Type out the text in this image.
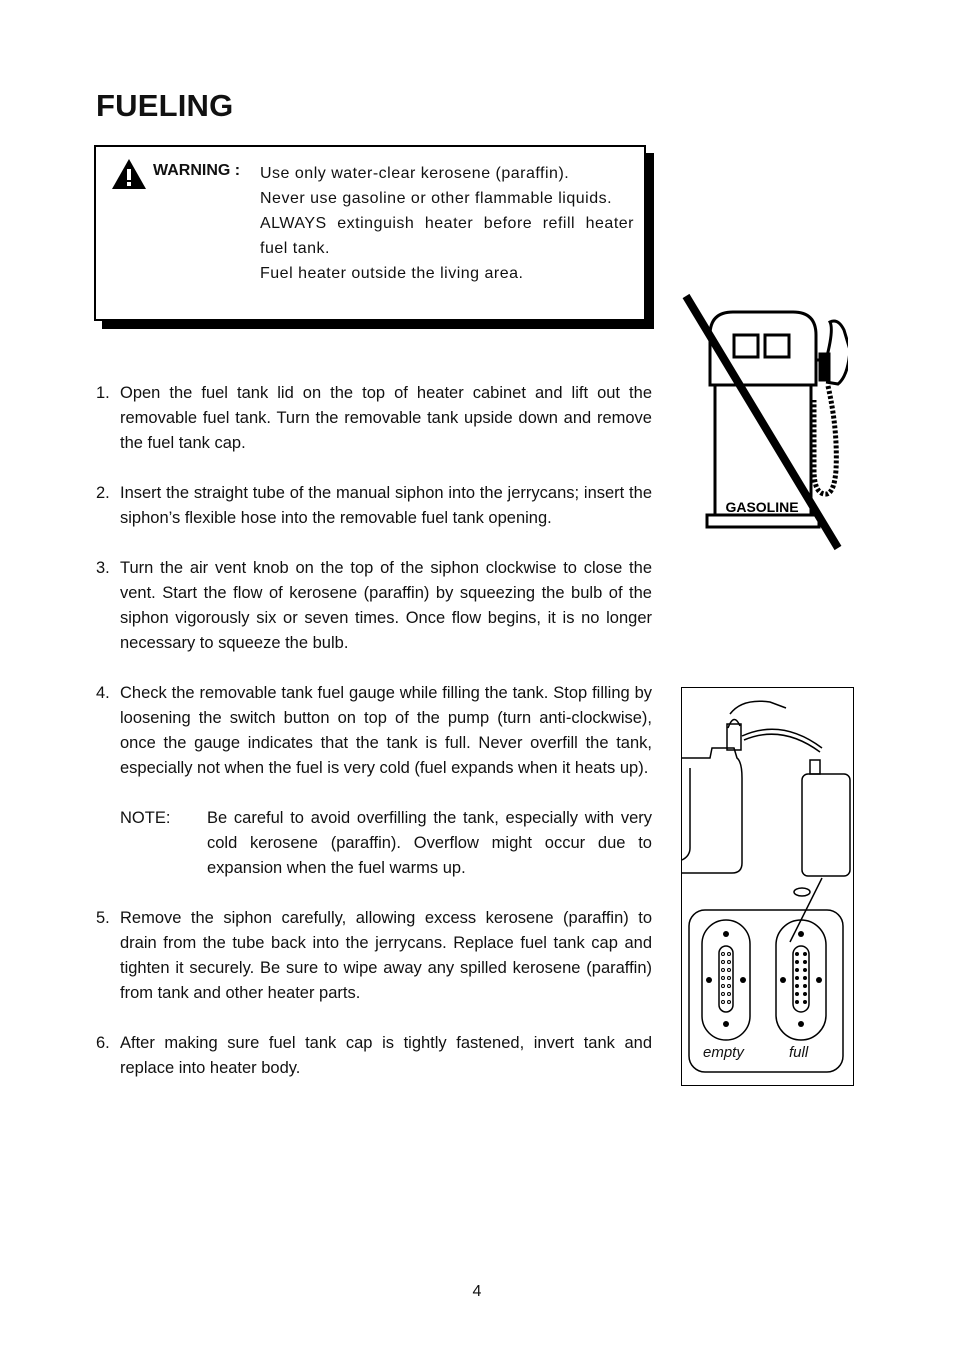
FUELING
WARNING : Use only water-clear kerosene (paraffin).
Never use gasoline or other flammable liquids.
ALWAYS extinguish heater before refill heater fuel tank.
Fuel heater outside the living area.
1. Open the fuel tank lid on the top of heater cabinet and lift out the removable fuel tank. Turn the removable tank upside down and remove the fuel tank cap.
2. Insert the straight tube of the manual siphon into the jerrycans; insert the siphon’s flexible hose into the removable fuel tank opening.
3. Turn the air vent knob on the top of the siphon clockwise to close the vent. Start the flow of kerosene (paraffin) by squeezing the bulb of the siphon vigorously six or seven times. Once flow begins, it is no longer necessary to squeeze the bulb.
4. Check the removable tank fuel gauge while filling the tank. Stop filling by loosening the switch button on top of the pump (turn anti-clockwise), once the gauge indicates that the tank is full. Never overfill the tank, especially not when the fuel is very cold (fuel expands when it heats up).
NOTE: Be careful to avoid overfilling the tank, especially with very cold kerosene (paraffin). Overflow might occur due to expansion when the fuel warms up.
5. Remove the siphon carefully, allowing excess kerosene (paraffin) to drain from the tube back into the jerrycans. Replace fuel tank cap and tighten it securely. Be sure to wipe away any spilled kerosene (paraffin) from tank and other heater parts.
6. After making sure fuel tank cap is tightly fastened, invert tank and replace into heater body.
GASOLINE
empty	full
4
